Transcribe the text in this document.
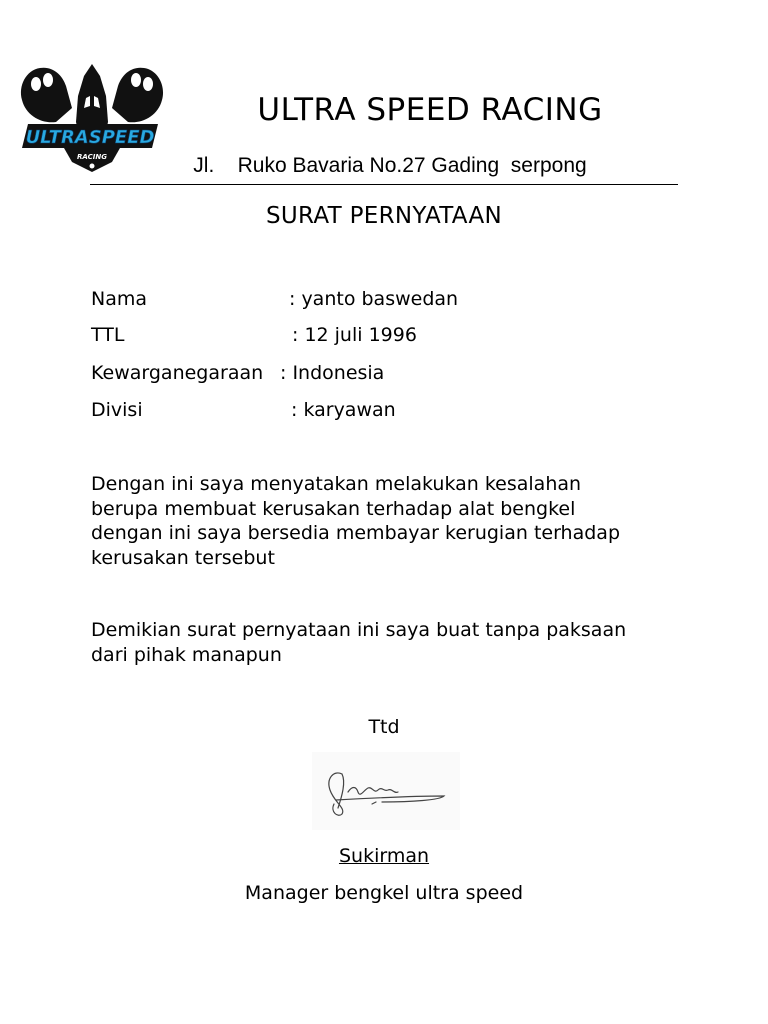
ULTRASPEED
RACING
ULTRA SPEED RACING
Jl.    Ruko Bavaria No.27 Gading  serpong
SURAT PERNYATAAN
Nama	: yanto baswedan
TTL	: 12 juli 1996
Kewarganegaraan : Indonesia
Divisi	: karyawan
Dengan ini saya menyatakan melakukan kesalahan
berupa membuat kerusakan terhadap alat bengkel
dengan ini saya bersedia membayar kerugian terhadap
kerusakan tersebut
Demikian surat pernyataan ini saya buat tanpa paksaan
dari pihak manapun
Ttd
Sukirman
Manager bengkel ultra speed
